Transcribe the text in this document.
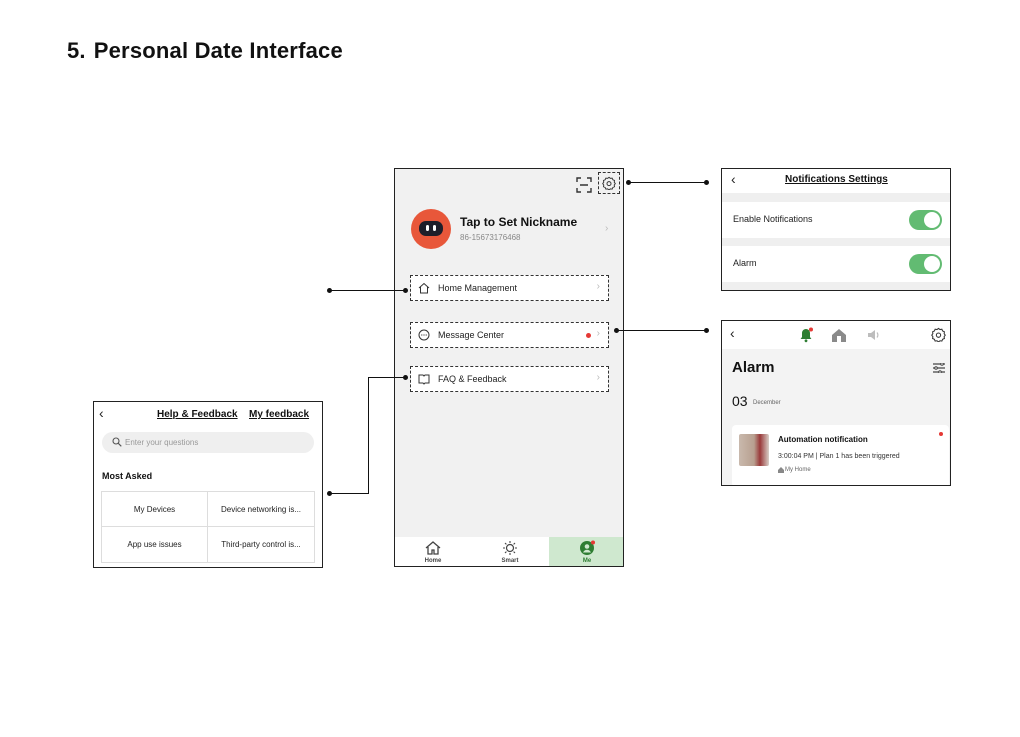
5. Personal Date Interface
Tap to Set Nickname
86-15673176468
›
Home Management	›
Message Center	›
FAQ & Feedback	›
Home	Smart	Me
‹	Notifications Settings
Enable Notifications
Alarm
‹
Alarm
03 December
Automation notification
3:00:04 PM | Plan 1 has been triggered
My Home
‹	Help & Feedback My feedback
Enter your questions
Most Asked
My Devices	Device networking is...
App use issues	Third-party control is...
